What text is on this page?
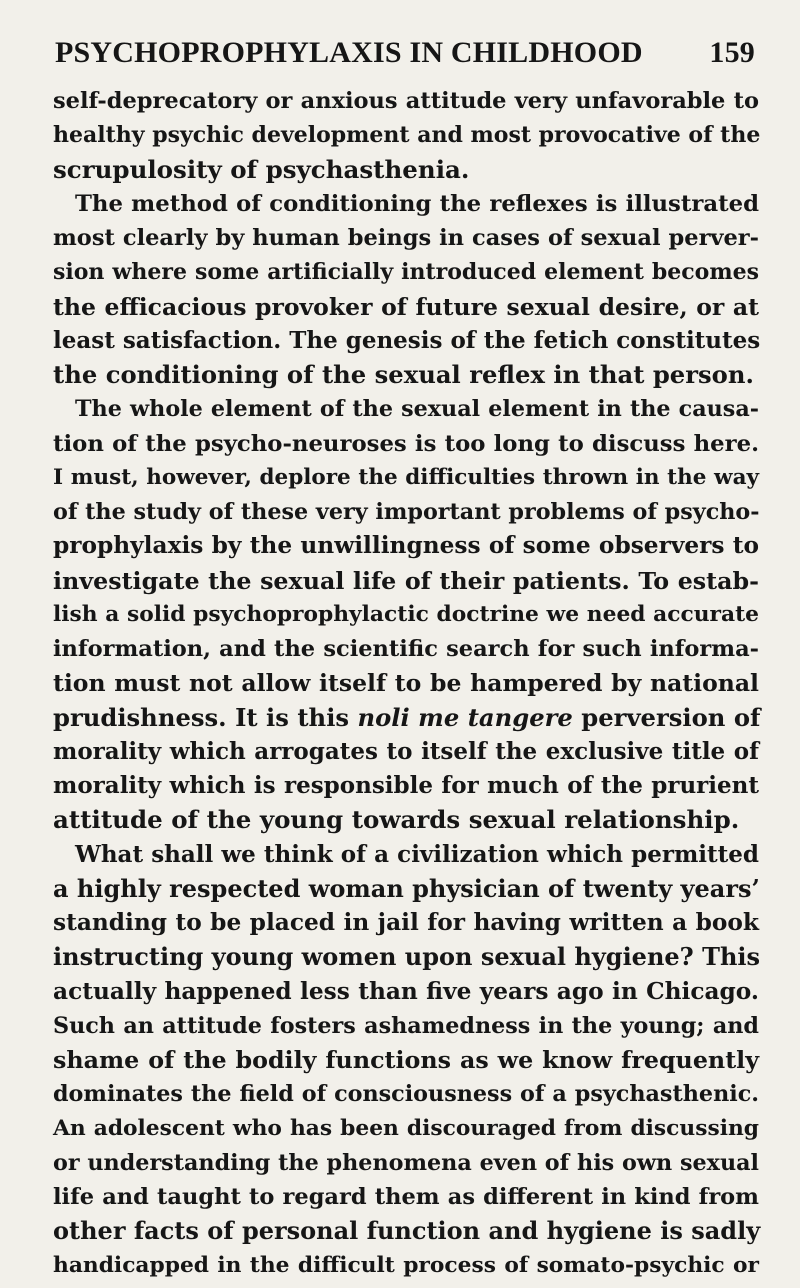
PSYCHOPROPHYLAXIS IN CHILDHOOD 159
self-deprecatory or anxious attitude very unfavorable to
healthy psychic development and most provocative of the
scrupulosity of psychasthenia.
The method of conditioning the reflexes is illustrated
most clearly by human beings in cases of sexual perver-
sion where some artificially introduced element becomes
the efficacious provoker of future sexual desire, or at
least satisfaction. The genesis of the fetich constitutes
the conditioning of the sexual reflex in that person.
The whole element of the sexual element in the causa-
tion of the psycho-neuroses is too long to discuss here.
I must, however, deplore the difficulties thrown in the way
of the study of these very important problems of psycho-
prophylaxis by the unwillingness of some observers to
investigate the sexual life of their patients. To estab-
lish a solid psychoprophylactic doctrine we need accurate
information, and the scientific search for such informa-
tion must not allow itself to be hampered by national
prudishness. It is this noli me tangere perversion of
morality which arrogates to itself the exclusive title of
morality which is responsible for much of the prurient
attitude of the young towards sexual relationship.
What shall we think of a civilization which permitted
a highly respected woman physician of twenty years’
standing to be placed in jail for having written a book
instructing young women upon sexual hygiene? This
actually happened less than five years ago in Chicago.
Such an attitude fosters ashamedness in the young; and
shame of the bodily functions as we know frequently
dominates the field of consciousness of a psychasthenic.
An adolescent who has been discouraged from discussing
or understanding the phenomena even of his own sexual
life and taught to regard them as different in kind from
other facts of personal function and hygiene is sadly
handicapped in the difficult process of somato-psychic or
